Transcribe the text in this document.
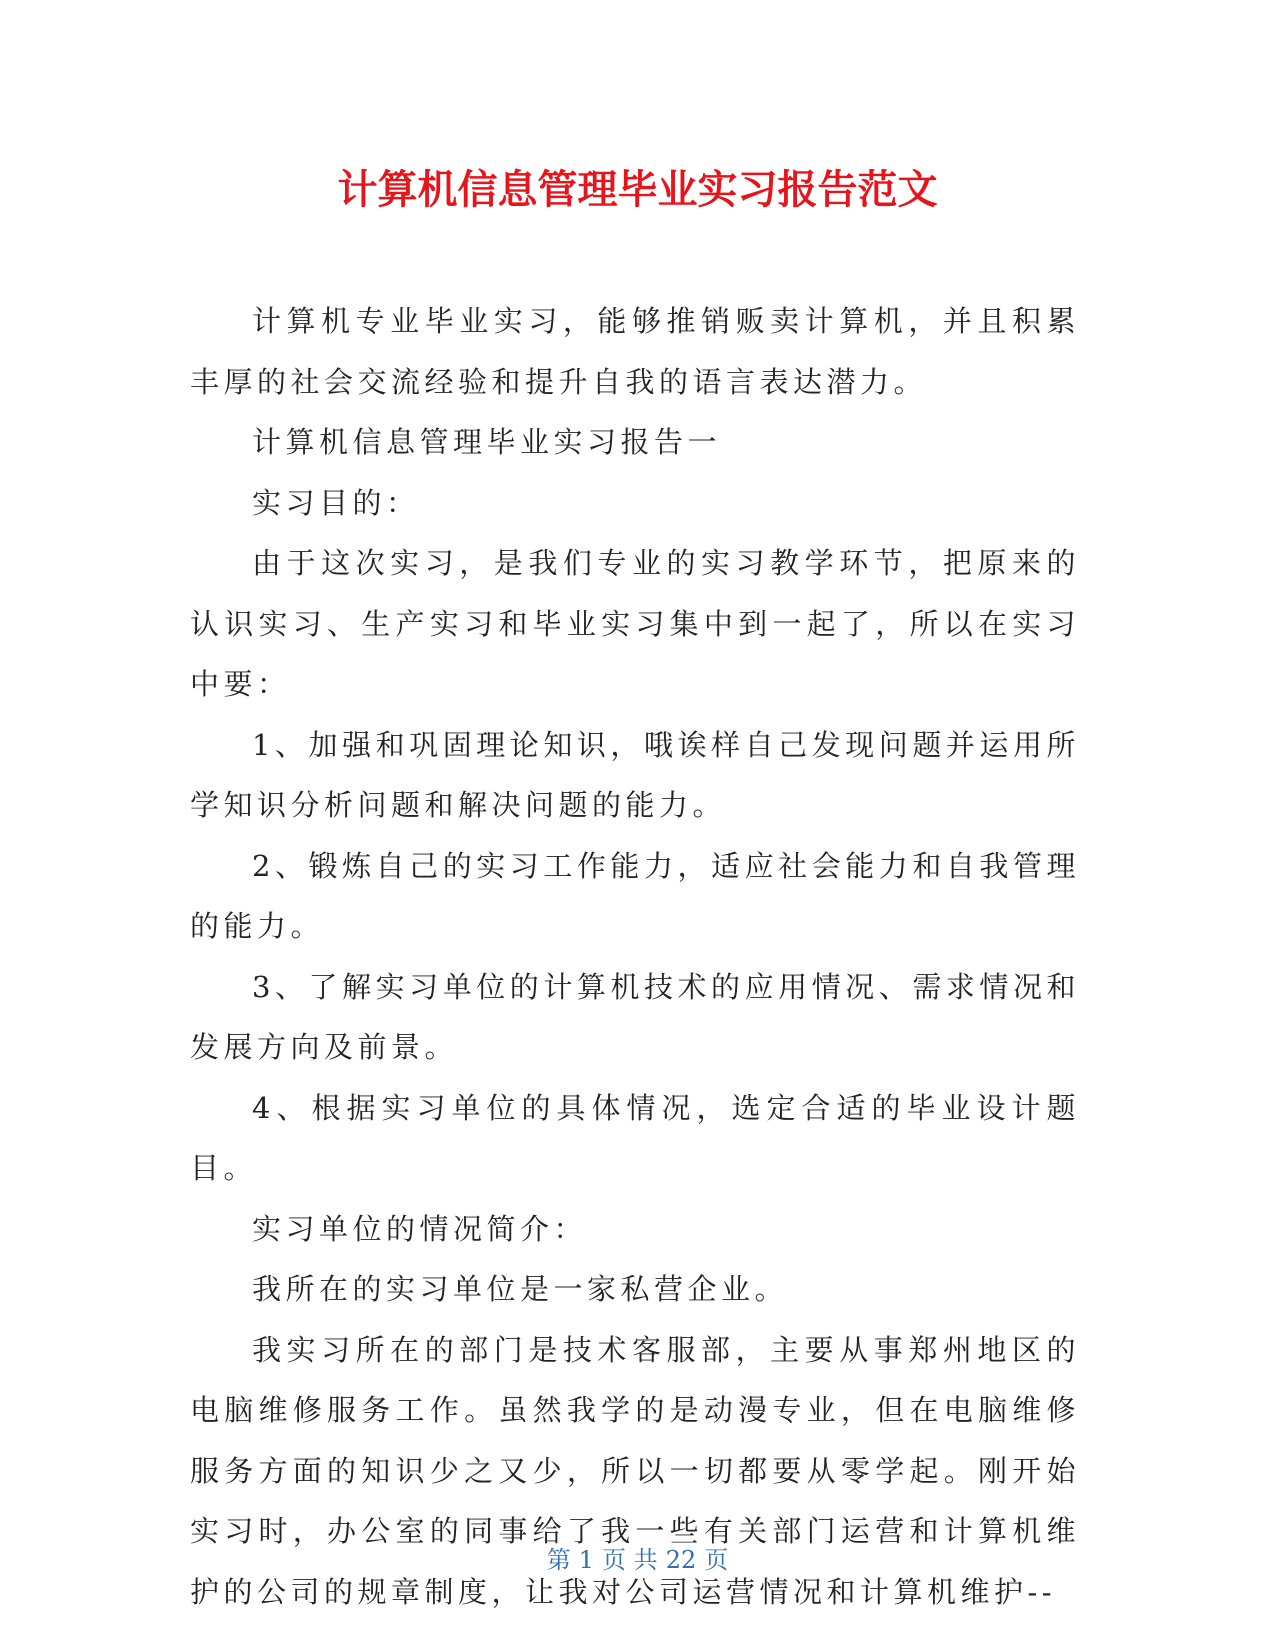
计算机信息管理毕业实习报告范文

计算机专业毕业实习，能够推销贩卖计算机，并且积累丰厚的社会交流经验和提升自我的语言表达潜力。

计算机信息管理毕业实习报告一

实习目的：

由于这次实习，是我们专业的实习教学环节，把原来的认识实习、生产实习和毕业实习集中到一起了，所以在实习中要：

1、加强和巩固理论知识，哦诶样自己发现问题并运用所学知识分析问题和解决问题的能力。

2、锻炼自己的实习工作能力，适应社会能力和自我管理的能力。

3、了解实习单位的计算机技术的应用情况、需求情况和发展方向及前景。

4、根据实习单位的具体情况，选定合适的毕业设计题目。

实习单位的情况简介：

我所在的实习单位是一家私营企业。

我实习所在的部门是技术客服部，主要从事郑州地区的电脑维修服务工作。虽然我学的是动漫专业，但在电脑维修服务方面的知识少之又少，所以一切都要从零学起。刚开始实习时，办公室的同事给了我一些有关部门运营和计算机维护的公司的规章制度，让我对公司运营情况和计算机维护--

第 1 页 共 22 页
